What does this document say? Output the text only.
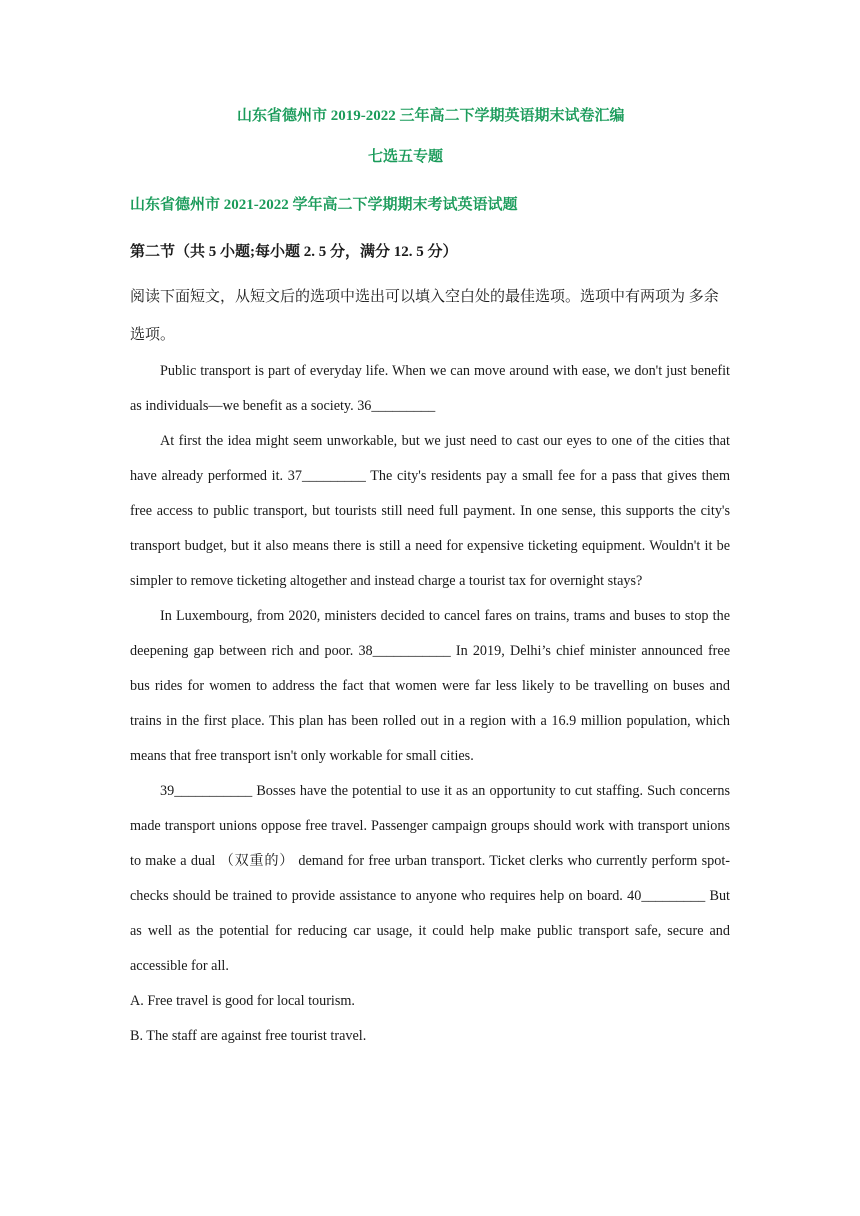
山东省德州市 2019-2022 三年高二下学期英语期末试卷汇编
七选五专题
山东省德州市 2021-2022 学年高二下学期期末考试英语试题
第二节（共 5 小题;每小题 2. 5 分，满分 12. 5 分）
阅读下面短文，从短文后的选项中选出可以填入空白处的最佳选项。选项中有两项为 多余选项。

Public transport is part of everyday life. When we can move around with ease, we don't just benefit as individuals—we benefit as a society. 36_________

At first the idea might seem unworkable, but we just need to cast our eyes to one of the cities that have already performed it. 37_________ The city's residents pay a small fee for a pass that gives them free access to public transport, but tourists still need full payment. In one sense, this supports the city's transport budget, but it also means there is still a need for expensive ticketing equipment. Wouldn't it be simpler to remove ticketing altogether and instead charge a tourist tax for overnight stays?

In Luxembourg, from 2020, ministers decided to cancel fares on trains, trams and buses to stop the deepening gap between rich and poor. 38___________ In 2019, Delhi’s chief minister announced free bus rides for women to address the fact that women were far less likely to be travelling on buses and trains in the first place. This plan has been rolled out in a region with a 16.9 million population, which means that free transport isn't only workable for small cities.

39___________ Bosses have the potential to use it as an opportunity to cut staffing. Such concerns made transport unions oppose free travel. Passenger campaign groups should work with transport unions to make a dual （双重的） demand for free urban transport. Ticket clerks who currently perform spot-checks should be trained to provide assistance to anyone who requires help on board. 40_________ But as well as the potential for reducing car usage, it could help make public transport safe, secure and accessible for all.

A. Free travel is good for local tourism.

B. The staff are against free tourist travel.
